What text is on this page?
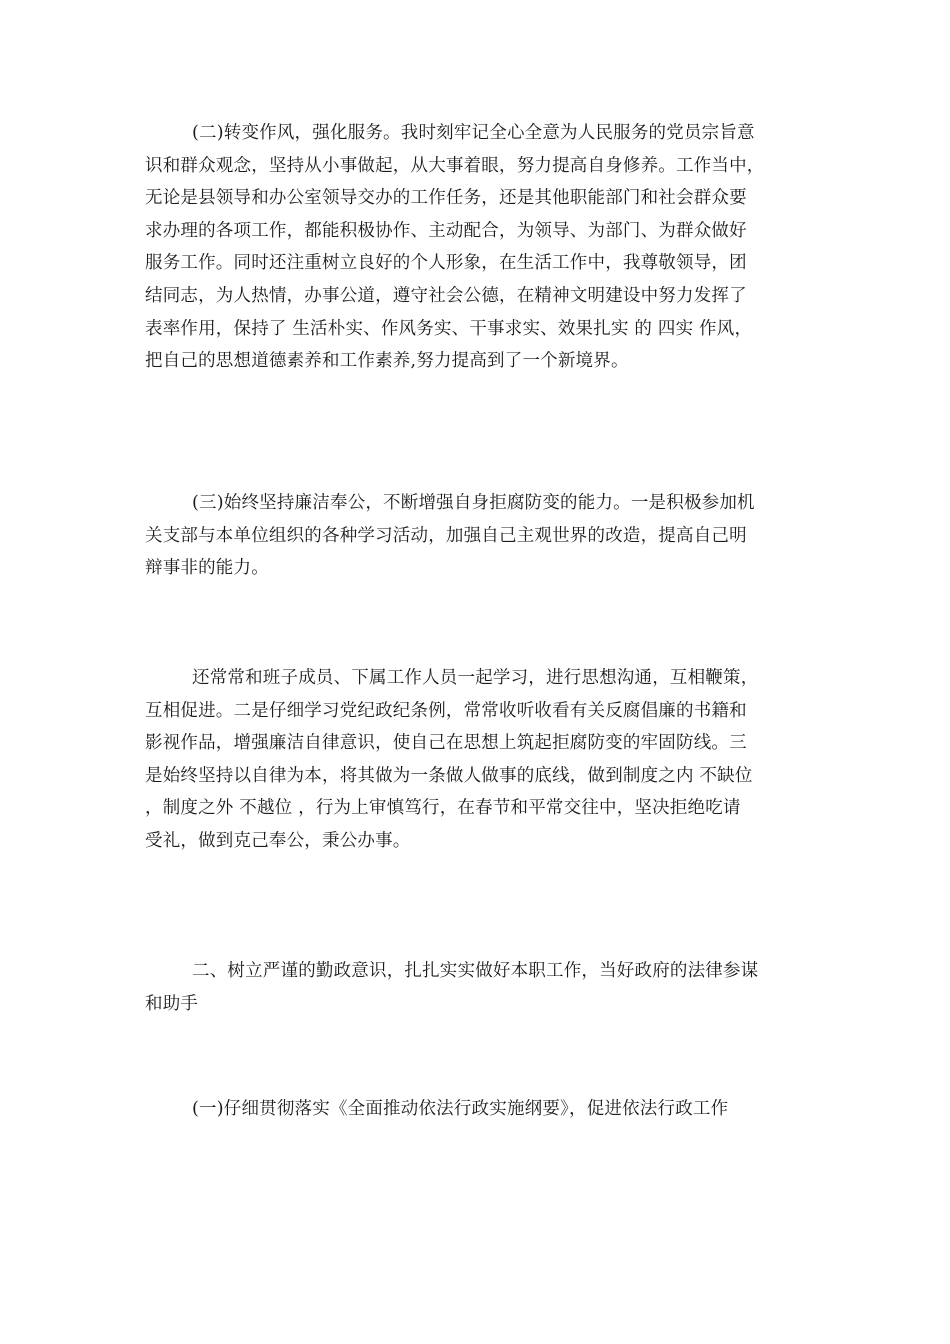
(二)转变作风，强化服务。我时刻牢记全心全意为人民服务的党员宗旨意
识和群众观念，坚持从小事做起，从大事着眼，努力提高自身修养。工作当中，
无论是县领导和办公室领导交办的工作任务，还是其他职能部门和社会群众要
求办理的各项工作，都能积极协作、主动配合，为领导、为部门、为群众做好
服务工作。同时还注重树立良好的个人形象，在生活工作中，我尊敬领导，团
结同志，为人热情，办事公道，遵守社会公德，在精神文明建设中努力发挥了
表率作用，保持了 生活朴实、作风务实、干事求实、效果扎实 的 四实 作风，
把自己的思想道德素养和工作素养,努力提高到了一个新境界。
(三)始终坚持廉洁奉公，不断增强自身拒腐防变的能力。一是积极参加机
关支部与本单位组织的各种学习活动，加强自己主观世界的改造，提高自己明
辩事非的能力。
还常常和班子成员、下属工作人员一起学习，进行思想沟通，互相鞭策，
互相促进。二是仔细学习党纪政纪条例，常常收听收看有关反腐倡廉的书籍和
影视作品，增强廉洁自律意识，使自己在思想上筑起拒腐防变的牢固防线。三
是始终坚持以自律为本，将其做为一条做人做事的底线，做到制度之内 不缺位
，制度之外 不越位 ，行为上审慎笃行，在春节和平常交往中，坚决拒绝吃请
受礼，做到克己奉公，秉公办事。
二、树立严谨的勤政意识，扎扎实实做好本职工作，当好政府的法律参谋
和助手
(一)仔细贯彻落实《全面推动依法行政实施纲要》，促进依法行政工作
